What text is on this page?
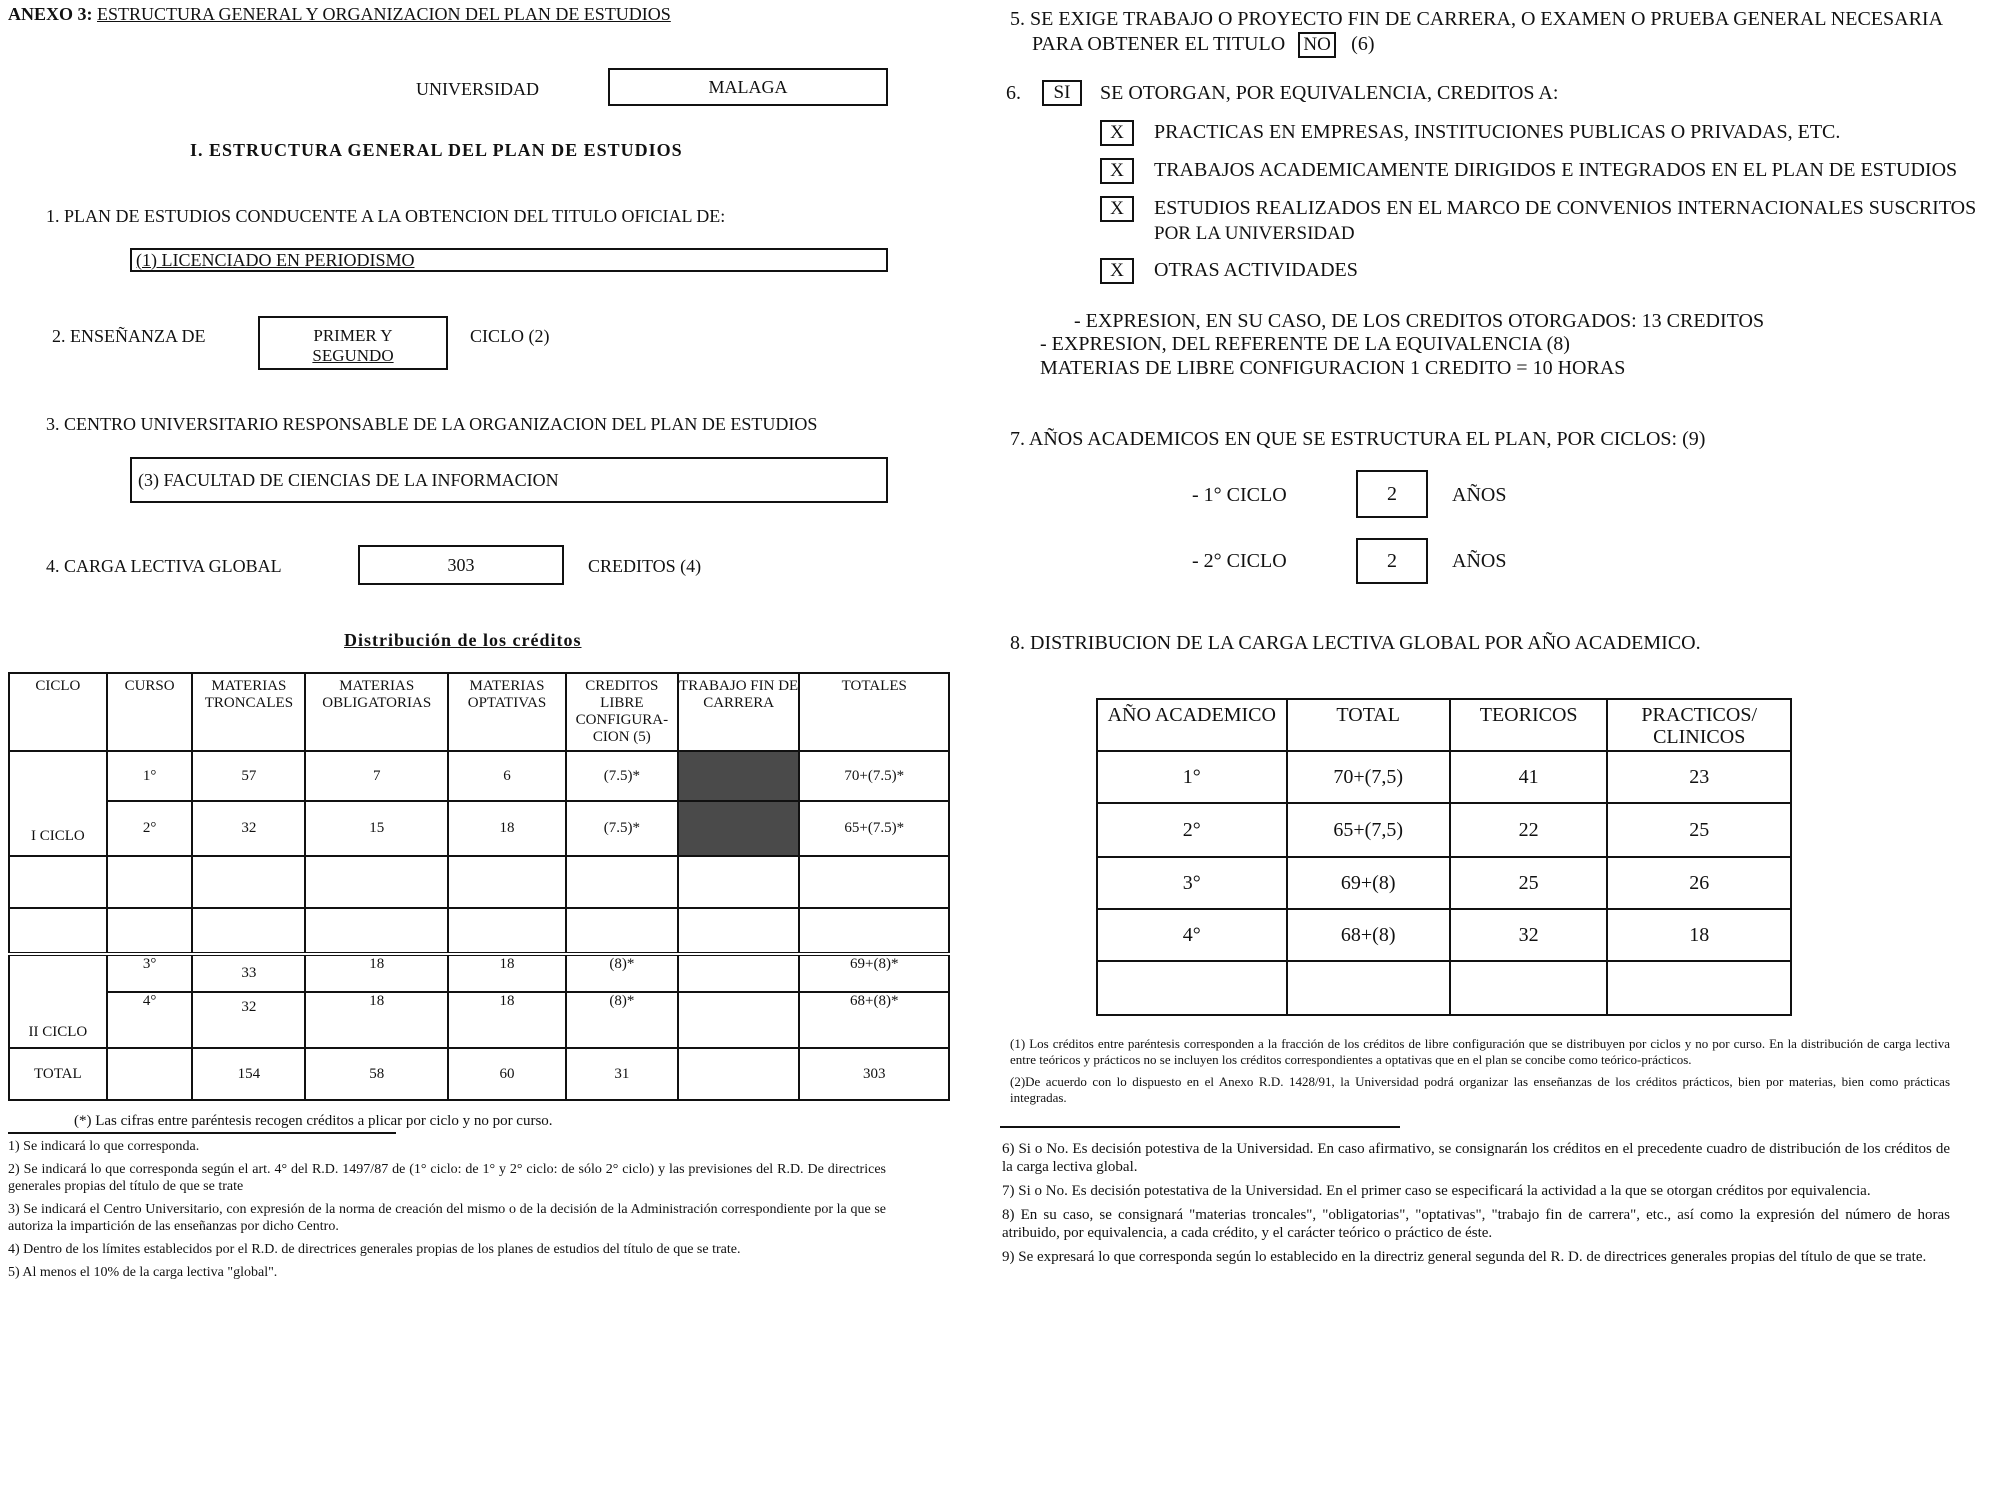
ANEXO 3: ESTRUCTURA GENERAL Y ORGANIZACION DEL PLAN DE ESTUDIOS
UNIVERSIDAD	MALAGA
I. ESTRUCTURA GENERAL DEL PLAN DE ESTUDIOS
1. PLAN DE ESTUDIOS CONDUCENTE A LA OBTENCION DEL TITULO OFICIAL DE:
(1) LICENCIADO EN PERIODISMO
2. ENSEÑANZA DE	PRIMER Y
SEGUNDO
CICLO (2)
3. CENTRO UNIVERSITARIO RESPONSABLE DE LA ORGANIZACION DEL PLAN DE ESTUDIOS
(3) FACULTAD DE CIENCIAS DE LA INFORMACION
4. CARGA LECTIVA GLOBAL	303	CREDITOS (4)
Distribución de los créditos
CICLO	CURSO	MATERIAS TRONCALES	MATERIAS OBLIGATORIAS	MATERIAS OPTATIVAS	CREDITOS LIBRE CONFIGURA-CION (5)	TRABAJO FIN DE CARRERA	TOTALES
I CICLO	1°	57	7	6	(7.5)*		70+(7.5)*
	2°	32	15	18	(7.5)*		65+(7.5)*

II CICLO	3°	33	18	18	(8)*		69+(8)*
	4°	32	18	18	(8)*		68+(8)*
TOTAL		154	58	60	31		303
(*) Las cifras entre paréntesis recogen créditos a plicar por ciclo y no por curso.

1) Se indicará lo que corresponda.

2) Se indicará lo que corresponda según el art. 4° del R.D. 1497/87 de (1° ciclo: de 1° y 2° ciclo: de sólo 2° ciclo) y las previsiones del R.D. De directrices generales propias del título de que se trate

3) Se indicará el Centro Universitario, con expresión de la norma de creación del mismo o de la decisión de la Administración correspondiente por la que se autoriza la impartición de las enseñanzas por dicho Centro.

4) Dentro de los límites establecidos por el R.D. de directrices generales propias de los planes de estudios del título de que se trate.

5) Al menos el 10% de la carga lectiva "global".

5. SE EXIGE TRABAJO O PROYECTO FIN DE CARRERA, O EXAMEN O PRUEBA GENERAL NECESARIA
PARA OBTENER EL TITULO NO (6)
6.	SI	SE OTORGAN, POR EQUIVALENCIA, CREDITOS A:
X	PRACTICAS EN EMPRESAS, INSTITUCIONES PUBLICAS O PRIVADAS, ETC.
X	TRABAJOS ACADEMICAMENTE DIRIGIDOS E INTEGRADOS EN EL PLAN DE ESTUDIOS
X	ESTUDIOS REALIZADOS EN EL MARCO DE CONVENIOS INTERNACIONALES SUSCRITOS
POR LA UNIVERSIDAD
X	OTRAS ACTIVIDADES
- EXPRESION, EN SU CASO, DE LOS CREDITOS OTORGADOS: 13 CREDITOS
- EXPRESION, DEL REFERENTE DE LA EQUIVALENCIA (8)
MATERIAS DE LIBRE CONFIGURACION 1 CREDITO = 10 HORAS
7. AÑOS ACADEMICOS EN QUE SE ESTRUCTURA EL PLAN, POR CICLOS: (9)
- 1° CICLO	2	AÑOS
- 2° CICLO	2	AÑOS
8. DISTRIBUCION DE LA CARGA LECTIVA GLOBAL POR AÑO ACADEMICO.
AÑO ACADEMICO	TOTAL	TEORICOS	PRACTICOS/ CLINICOS
1°	70+(7,5)	41	23
2°	65+(7,5)	22	25
3°	69+(8)	25	26
4°	68+(8)	32	18

(1) Los créditos entre paréntesis corresponden a la fracción de los créditos de libre configuración que se distribuyen por ciclos y no por curso. En la distribución de carga lectiva entre teóricos y prácticos no se incluyen los créditos correspondientes a optativas que en el plan se concibe como teórico-prácticos.

(2)De acuerdo con lo dispuesto en el Anexo R.D. 1428/91, la Universidad podrá organizar las enseñanzas de los créditos prácticos, bien por materias, bien como prácticas integradas.

6) Si o No. Es decisión potestiva de la Universidad. En caso afirmativo, se consignarán los créditos en el precedente cuadro de distribución de los créditos de la carga lectiva global.

7) Si o No. Es decisión potestativa de la Universidad. En el primer caso se especificará la actividad a la que se otorgan créditos por equivalencia.

8) En su caso, se consignará "materias troncales", "obligatorias", "optativas", "trabajo fin de carrera", etc., así como la expresión del número de horas atribuido, por equivalencia, a cada crédito, y el carácter teórico o práctico de éste.

9) Se expresará lo que corresponda según lo establecido en la directriz general segunda del R. D. de directrices generales propias del título de que se trate.
